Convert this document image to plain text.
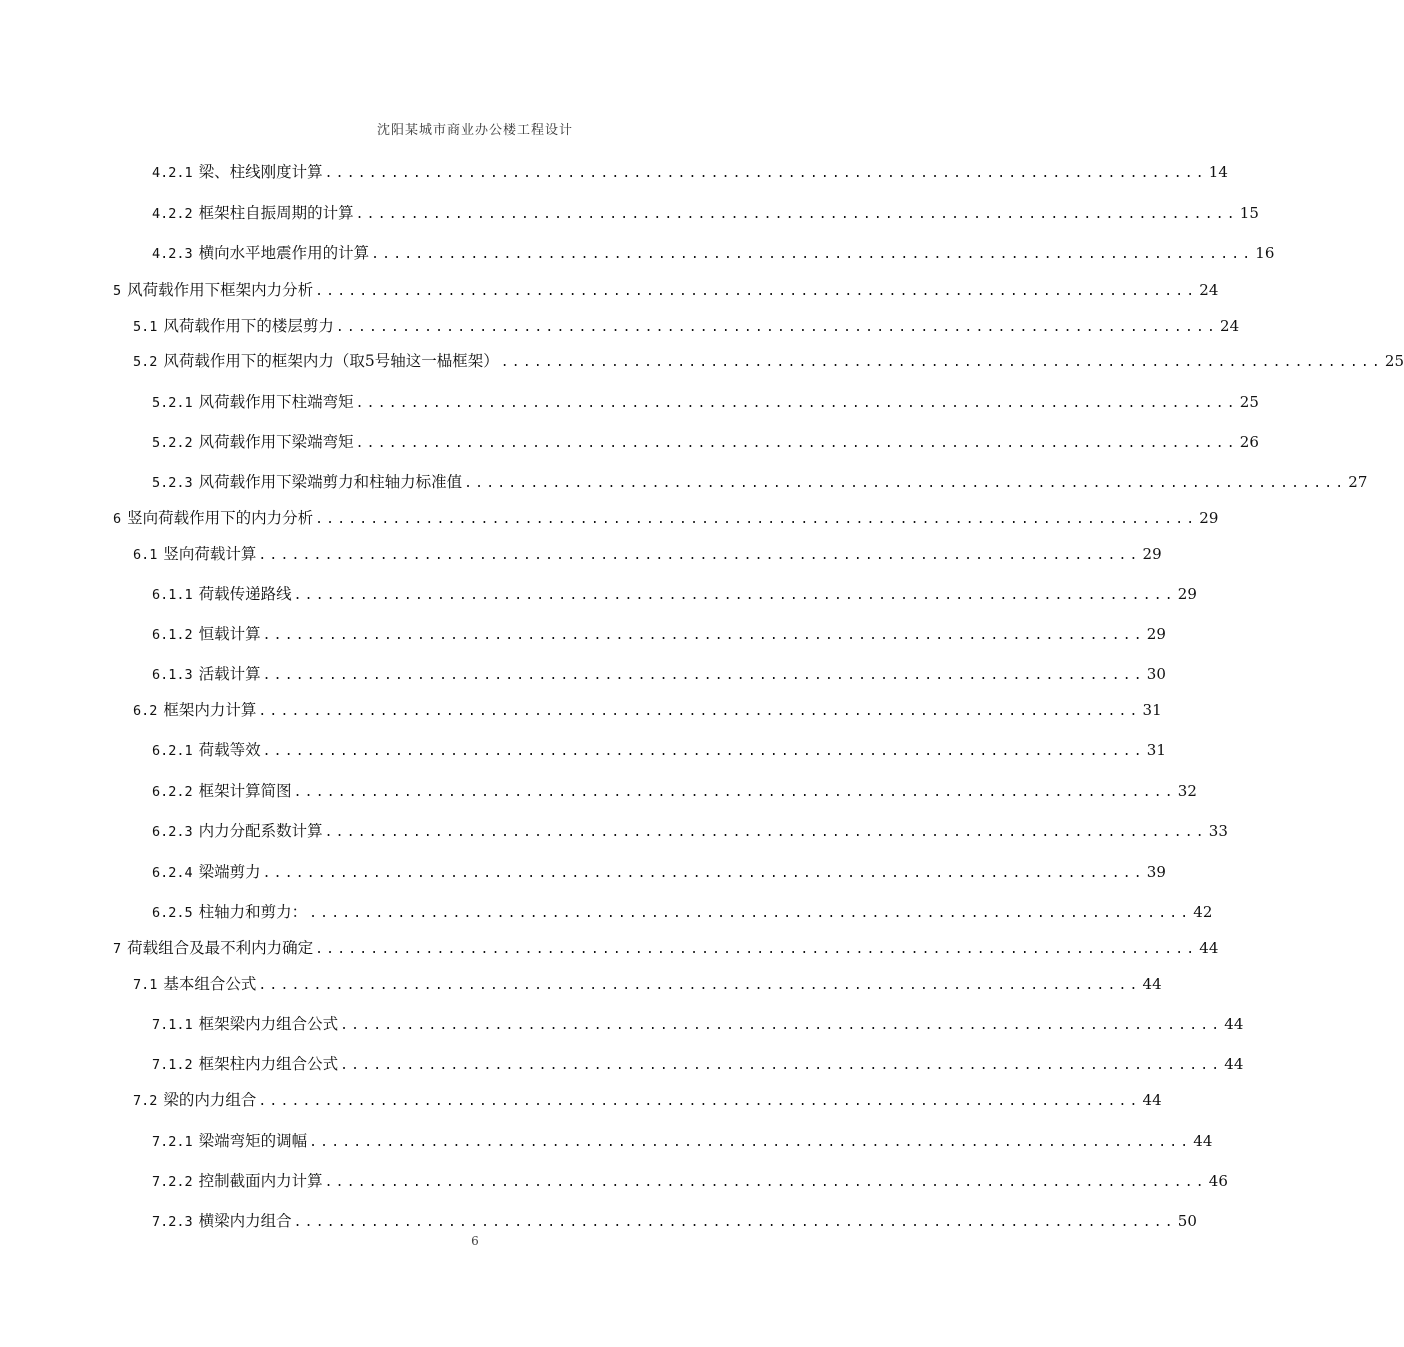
沈阳某城市商业办公楼工程设计
4.2.1 梁、柱线刚度计算 ................................................................................ 14
4.2.2 框架柱自振周期的计算 ................................................................................ 15
4.2.3 横向水平地震作用的计算 ................................................................................ 16
5 风荷载作用下框架内力分析 ................................................................................ 24
5.1 风荷载作用下的楼层剪力 ................................................................................ 24
5.2 风荷载作用下的框架内力（取5号轴这一榀框架） ................................................................................ 25
5.2.1 风荷载作用下柱端弯矩 ................................................................................ 25
5.2.2 风荷载作用下梁端弯矩 ................................................................................ 26
5.2.3 风荷载作用下梁端剪力和柱轴力标准值 ................................................................................ 27
6 竖向荷载作用下的内力分析 ................................................................................ 29
6.1 竖向荷载计算 ................................................................................ 29
6.1.1 荷载传递路线 ................................................................................ 29
6.1.2 恒载计算 ................................................................................ 29
6.1.3 活载计算 ................................................................................ 30
6.2 框架内力计算 ................................................................................ 31
6.2.1 荷载等效 ................................................................................ 31
6.2.2 框架计算简图 ................................................................................ 32
6.2.3 内力分配系数计算 ................................................................................ 33
6.2.4 梁端剪力 ................................................................................ 39
6.2.5 柱轴力和剪力： ................................................................................ 42
7 荷载组合及最不利内力确定 ................................................................................ 44
7.1 基本组合公式 ................................................................................ 44
7.1.1 框架梁内力组合公式 ................................................................................ 44
7.1.2 框架柱内力组合公式 ................................................................................ 44
7.2 梁的内力组合 ................................................................................ 44
7.2.1 梁端弯矩的调幅 ................................................................................ 44
7.2.2 控制截面内力计算 ................................................................................ 46
7.2.3 横梁内力组合 ................................................................................ 50
$^6$
